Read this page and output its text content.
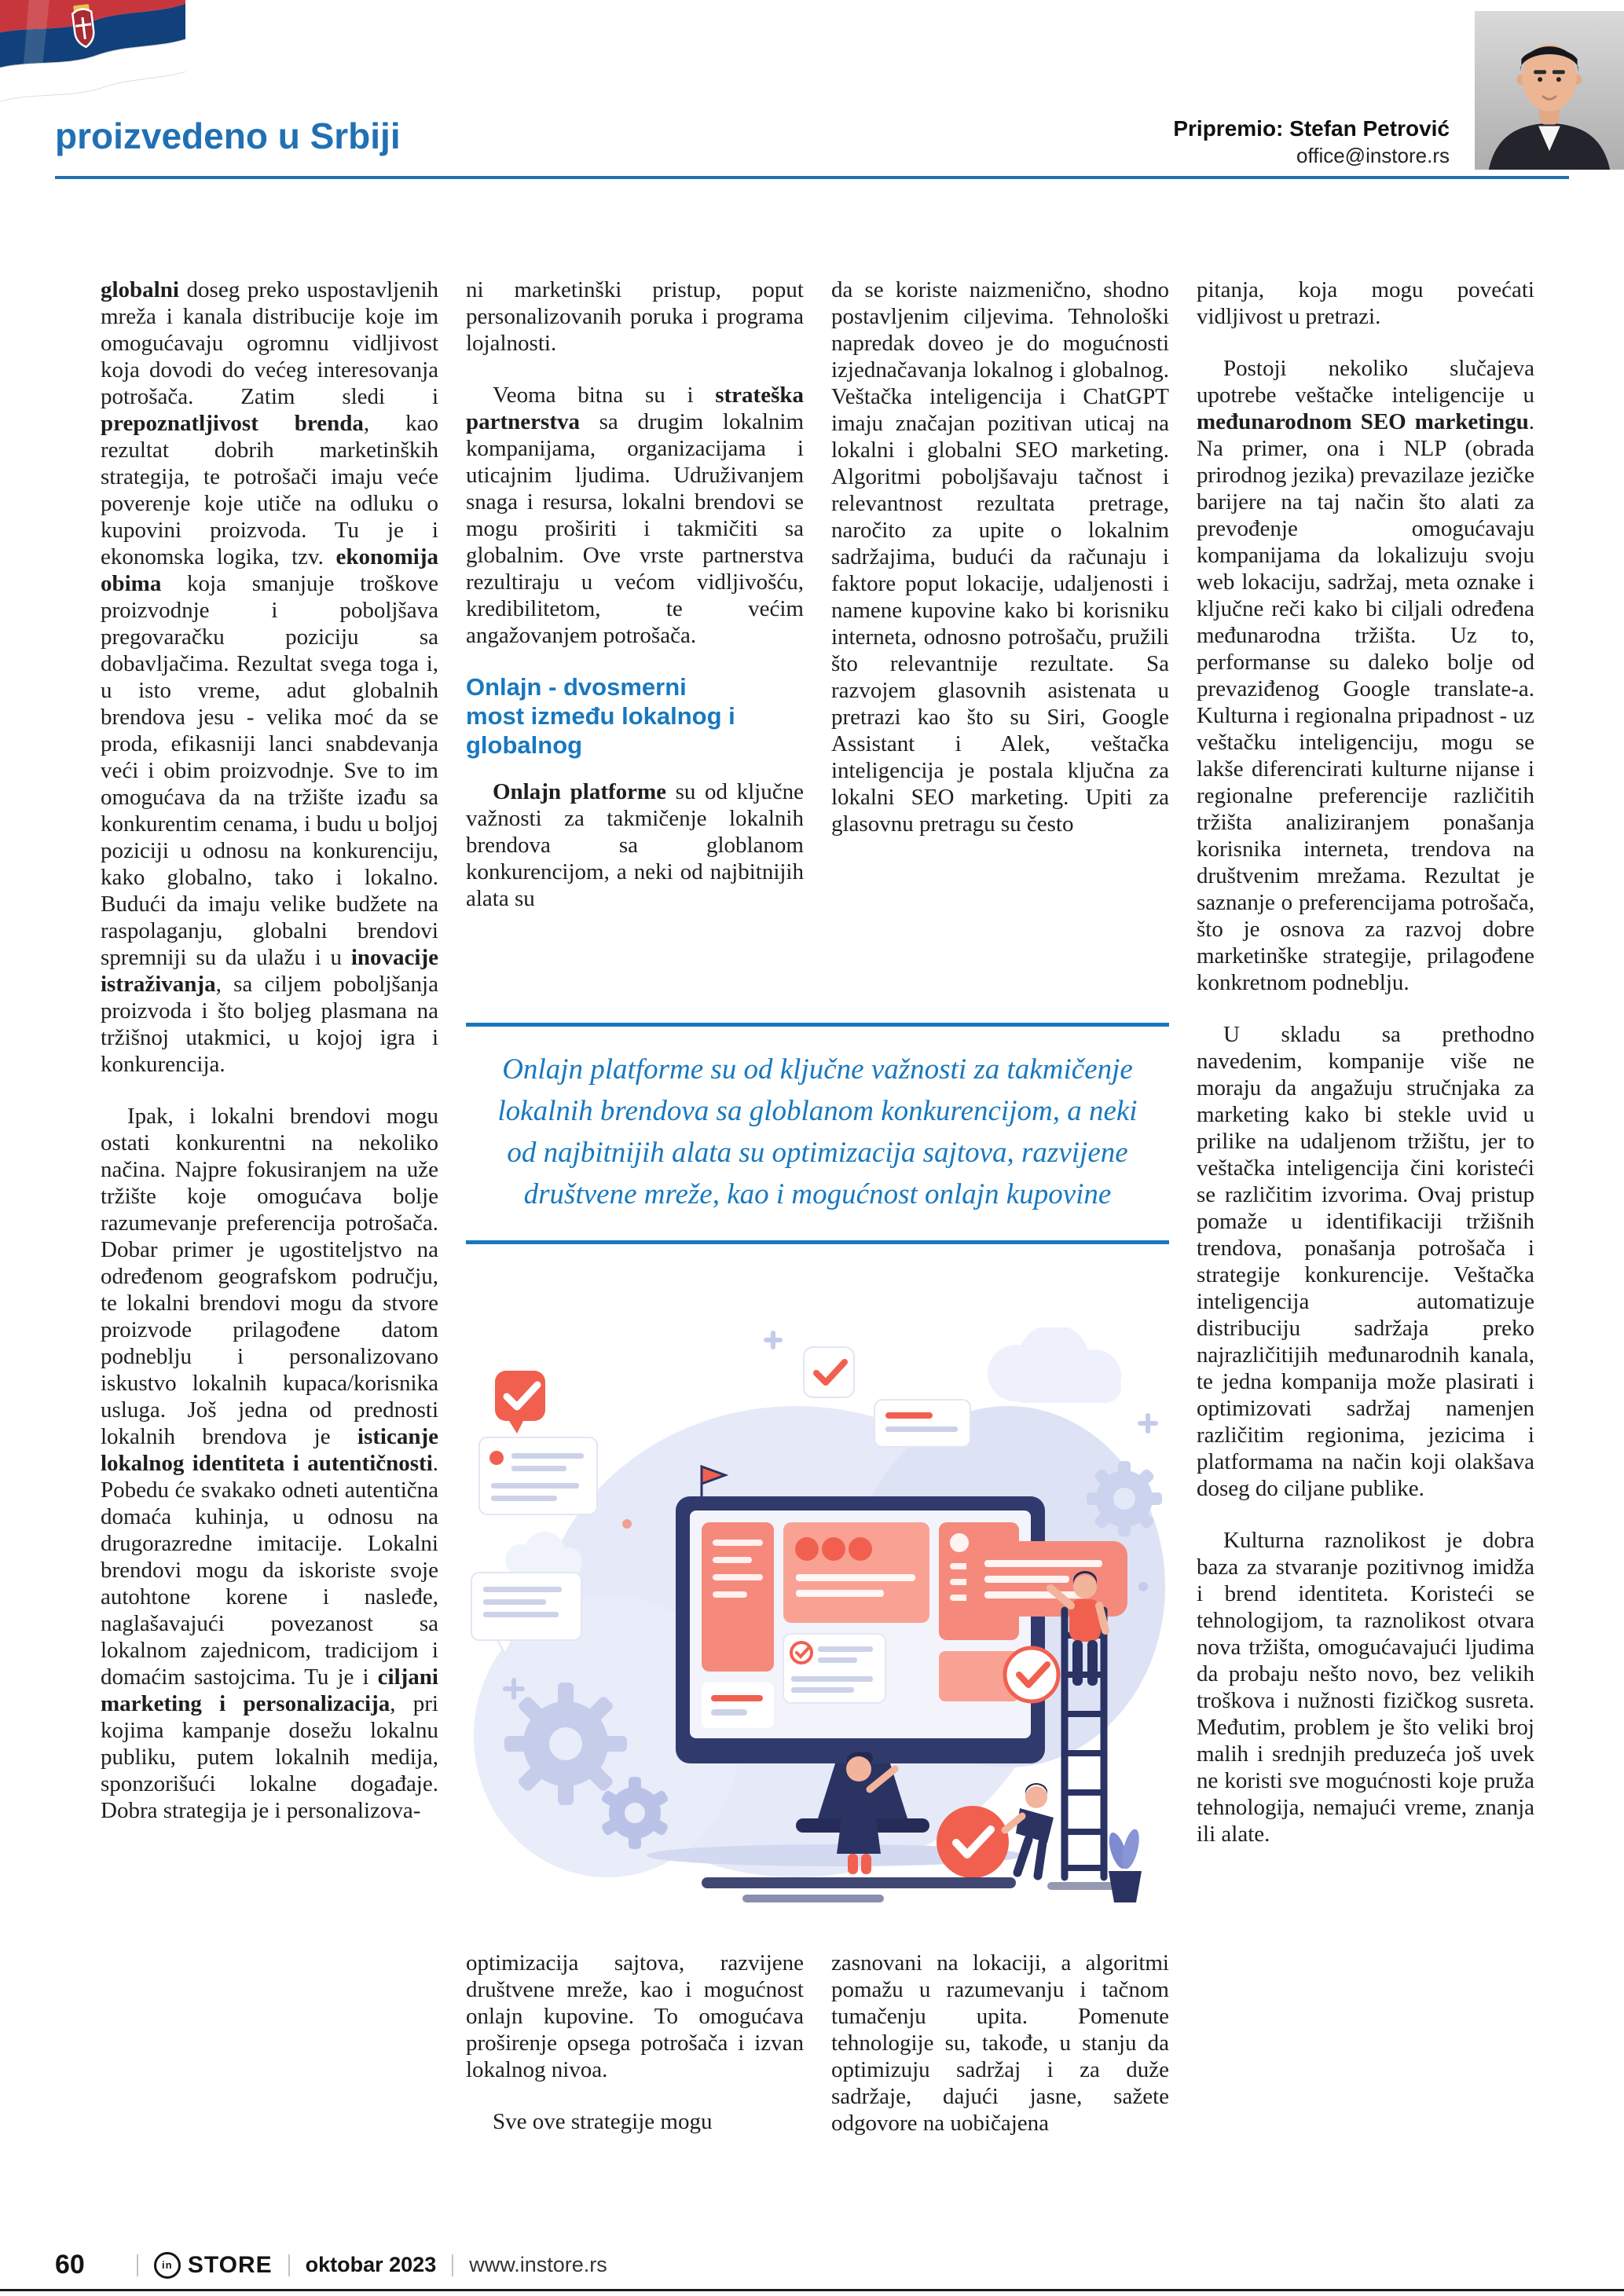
proizvedeno u Srbiji	Pripremio: Stefan Petrović
office@instore.rs

globalni doseg preko uspostavljenih mreža i kanala distribucije koje im omogućavaju ogromnu vidljivost koja dovodi do većeg interesovanja potrošača. Zatim sledi i prepoznatljivost brenda, kao rezultat dobrih marketinških strategija, te potrošači imaju veće poverenje koje utiče na odluku o kupovini proizvoda. Tu je i ekonomska logika, tzv. ekonomija obima koja smanjuje troškove proizvodnje i poboljšava pregovaračku poziciju sa dobavljačima. Rezultat svega toga i, u isto vreme, adut globalnih brendova jesu - velika moć da se proda, efikasniji lanci snabdevanja veći i obim proizvodnje. Sve to im omogućava da na tržište izađu sa konkurentim cenama, i budu u boljoj poziciji u odnosu na konkurenciju, kako globalno, tako i lokalno. Budući da imaju velike budžete na raspolaganju, globalni brendovi spremniji su da ulažu i u inovacije istraživanja, sa ciljem poboljšanja proizvoda i što boljeg plasmana na tržišnoj utakmici, u kojoj igra i konkurencija.

Ipak, i lokalni brendovi mogu ostati konkurentni na nekoliko načina. Najpre fokusiranjem na uže tržište koje omogućava bolje razumevanje preferencija potrošača. Dobar primer je ugostiteljstvo na određenom geografskom području, te lokalni brendovi mogu da stvore proizvode prilagođene datom podneblju i personalizovano iskustvo lokalnih kupaca/korisnika usluga. Još jedna od prednosti lokalnih brendova je isticanje lokalnog identiteta i autentičnosti. Pobedu će svakako odneti autentična domaća kuhinja, u odnosu na drugorazredne imitacije. Lokalni brendovi mogu da iskoriste svoje autohtone korene i nasleđe, naglašavajući povezanost sa lokalnom zajednicom, tradicijom i domaćim sastojcima. Tu je i ciljani marketing i personalizacija, pri kojima kampanje dosežu lokalnu publiku, putem lokalnih medija, sponzorišući lokalne događaje. Dobra strategija je i personalizova-

ni marketinški pristup, poput personalizovanih poruka i programa lojalnosti.

Veoma bitna su i strateška partnerstva sa drugim lokalnim kompanijama, organizacijama i uticajnim ljudima. Udruživanjem snaga i resursa, lokalni brendovi se mogu proširiti i takmičiti sa globalnim. Ove vrste partnerstva rezultiraju u većom vidljivošću, kredibilitetom, te većim angažovanjem potrošača.

Onlajn - dvosmerni most između lokalnog i globalnog

Onlajn platforme su od ključne važnosti za takmičenje lokalnih brendova sa globlanom konkurencijom, a neki od najbitnijih alata su

da se koriste naizmenično, shodno postavljenim ciljevima. Tehnološki napredak doveo je do mogućnosti izjednačavanja lokalnog i globalnog. Veštačka inteligencija i ChatGPT imaju značajan pozitivan uticaj na lokalni i globalni SEO marketing. Algoritmi poboljšavaju tačnost i relevantnost rezultata pretrage, naročito za upite o lokalnim sadržajima, budući da računaju i faktore poput lokacije, udaljenosti i namene kupovine kako bi korisniku interneta, odnosno potrošaču, pružili što relevantnije rezultate. Sa razvojem glasovnih asistenata u pretrazi kao što su Siri, Google Assistant i Alek, veštačka inteligencija je postala ključna za lokalni SEO marketing. Upiti za glasovnu pretragu su često

pitanja, koja mogu povećati vidljivost u pretrazi.

Postoji nekoliko slučajeva upotrebe veštačke inteligencije u međunarodnom SEO marketingu. Na primer, ona i NLP (obrada prirodnog jezika) prevazilaze jezičke barijere na taj način što alati za prevođenje omogućavaju kompanijama da lokalizuju svoju web lokaciju, sadržaj, meta oznake i ključne reči kako bi ciljali određena međunarodna tržišta. Uz to, performanse su daleko bolje od prevaziđenog Google translate-a. Kulturna i regionalna pripadnost - uz veštačku inteligenciju, mogu se lakše diferencirati kulturne nijanse i regionalne preferencije različitih tržišta analiziranjem ponašanja korisnika interneta, trendova na društvenim mrežama. Rezultat je saznanje o preferencijama potrošača, što je osnova za razvoj dobre marketinške strategije, prilagođene konkretnom podneblju.

U skladu sa prethodno navedenim, kompanije više ne moraju da angažuju stručnjaka za marketing kako bi stekle uvid u prilike na udaljenom tržištu, jer to veštačka inteligencija čini koristeći se različitim izvorima. Ovaj pristup pomaže u identifikaciji tržišnih trendova, ponašanja potrošača i strategije konkurencije. Veštačka inteligencija automatizuje distribuciju sadržaja preko najrazličitijih međunarodnih kanala, te jedna kompanija može plasirati i optimizovati sadržaj namenjen različitim regionima, jezicima i platformama na način koji olakšava doseg do ciljane publike.

Kulturna raznolikost je dobra baza za stvaranje pozitivnog imidža i brend identiteta. Koristeći se tehnologijom, ta raznolikost otvara nova tržišta, omogućavajući ljudima da probaju nešto novo, bez velikih troškova i nužnosti fizičkog susreta. Međutim, problem je što veliki broj malih i srednjih preduzeća još uvek ne koristi sve mogućnosti koje pruža tehnologija, nemajući vreme, znanja ili alate.

Onlajn platforme su od ključne važnosti za takmičenje lokalnih brendova sa globlanom konkurencijom, a neki od najbitnijih alata su optimizacija sajtova, razvijene društvene mreže, kao i mogućnost onlajn kupovine

optimizacija sajtova, razvijene društvene mreže, kao i mogućnost onlajn kupovine. To omogućava proširenje opsega potrošača i izvan lokalnog nivoa.

Sve ove strategije mogu

zasnovani na lokaciji, a algoritmi pomažu u razumevanju i tačnom tumačenju upita. Pomenute tehnologije su, takođe, u stanju da optimizuju sadržaj i za duže sadržaje, dajući jasne, sažete odgovore na uobičajena

60	in STORE oktobar 2023 www.instore.rs
